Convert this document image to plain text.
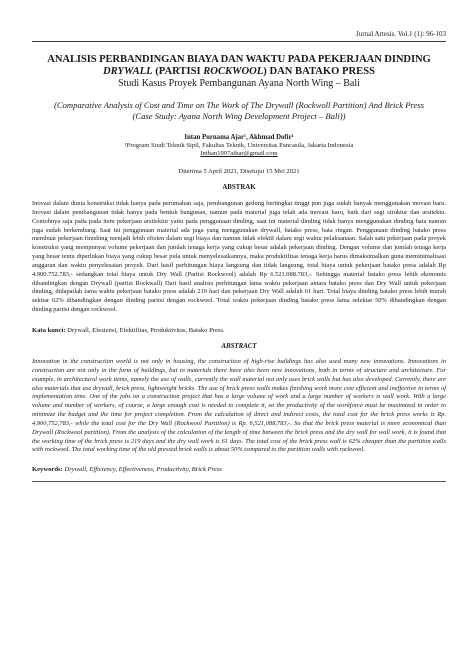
Jurnal Artesis. Vol.1 (1): 96-103
ANALISIS PERBANDINGAN BIAYA DAN WAKTU PADA PEKERJAAN DINDING
DRYWALL (PARTISI ROCKWOOL) DAN BATAKO PRESS
Studi Kasus Proyek Pembangunan Ayana North Wing – Bali
(Comparative Analysis of Cost and Time on The Work of The Drywall (Rockwoll Partition) And Brick Press
(Case Study: Ayana North Wing Development Project – Bali))
Intan Purnama Ajar¹, Akhmad Dofir¹
¹Program Studi Teknik Sipil, Fakultas Teknik, Universitas Pancasila, Jakarta Indonesia
Inthan1997aihar@gmail.com
Diterima 5 April 2021, Disetujui 15 Mei 2021
ABSTRAK
Inovasi dalam dunia konstruksi tidak hanya pada perumahan saja, pembangunan gedung bertingkat tinggi pun juga sudah banyak menggunakan inovasi baru. Inovasi dalam pembangunan tidak hanya pada bentuk bangunan, namun pada material juga telah ada inovasi baru, baik dari segi struktur dan arsitektu. Contohnya saja pada pada item pekerjaan arsitektur yaitu pada penggunaan dinding, saat ini material dinding tidak hanya menggunakan dinding bata namun juga sudah berkembang. Saat ini penggunaan material ada juga yang menggunakan drywall, batako press, bata ringan. Penggunaan dinding batako press membuat pekerjaan finishing menjadi lebih efisien dalam segi biaya dan namun tidak efektif dalam segi waktu pelaksanaan. Salah satu pekerjaan pada proyek konstruksi yang mempunyai volume pekerjaan dan jumlah tenaga kerja yang cukup besar adalah pekerjaan dinding. Dengan volume dan jumlah tenaga kerja yang besar tentu diperlukan biaya yang cukup besar pula untuk menyelesaikannya, maka produktifitas tenaga kerja harus dimaksimalkan guna meminimalisasi anggaran dan waktu penyelesaian proyek. Dari hasil perhitungan biaya langsung dan tidak langsung, total biaya untuk pekerjaan batako press adalah Rp 4.900.752.783,- sedangkan total biaya untuk Dry Wall (Partisi Rockwool) adalah Rp 6.521.088.783,-. Sehingga material batako press lebih ekonomis dibandingkan dengan Drywall (partisi Rockwall) Dari hasil analisis perhitungan lama waktu pekerjaan antara batako press dan Dry Wall untuk pekerjaan dinding, didapatlah lama waktu pekerjaan batako press adalah 219 hari dan pekerjaan Dry Wall adalah 61 hari. Total biaya dinding batako press lebih murah sekitar 62% dibandingkan dengan dinding partisi dengan rockwool. Total waktu pekerjaan dinding batako press lama selektar 50% dibandingkan dengan dinding partisi dengan rockwool.
Kata kunci: Drywall, Efesiensi, Efektifitas, Produktivitas, Batako Press.
ABSTRACT
Innovation in the construction world is not only in housing, the construction of high-rise buildings has also used many new innovations. Innovations in construction are not only in the form of buildings, but in materials there have also been new innovations, both in terms of structure and architecture. For example, in architectural work items, namely the use of walls, currently the wall material not only uses brick walls but has also developed. Currently, there are also materials that use drywall, brick press, lightweight bricks. The use of brick press walls makes finishing work more cost efficient and ineffective in terms of implementation time. One of the jobs on a construction project that has a large volume of work and a large number of workers is wall work. With a large volume and number of workers, of course, a large enough cost is needed to complete it, so the productivity of the workforce must be maximized in order to minimize the budget and the time for project completion. From the calculation of direct and indirect costs, the total cost for the brick press works is Rp. 4,900,752,783,- while the total cost for the Dry Wall (Rockwool Partition) is Rp. 6,521,088,783,-. So that the brick press material is more economical than Drywall (Rockwool partition). From the analysis of the calculation of the length of time between the brick press and the dry wall for wall work, it is found that the working time of the brick press is 219 days and the dry wall work is 61 days. The total cost of the brick press wall is 62% cheaper than the partition walls with rockwool. The total working time of the old pressed brick walls is about 50% compared to the partition walls with rockwool.
Keywords: Drywall, Efficiency, Effectiveness, Productivity, Brick Press
